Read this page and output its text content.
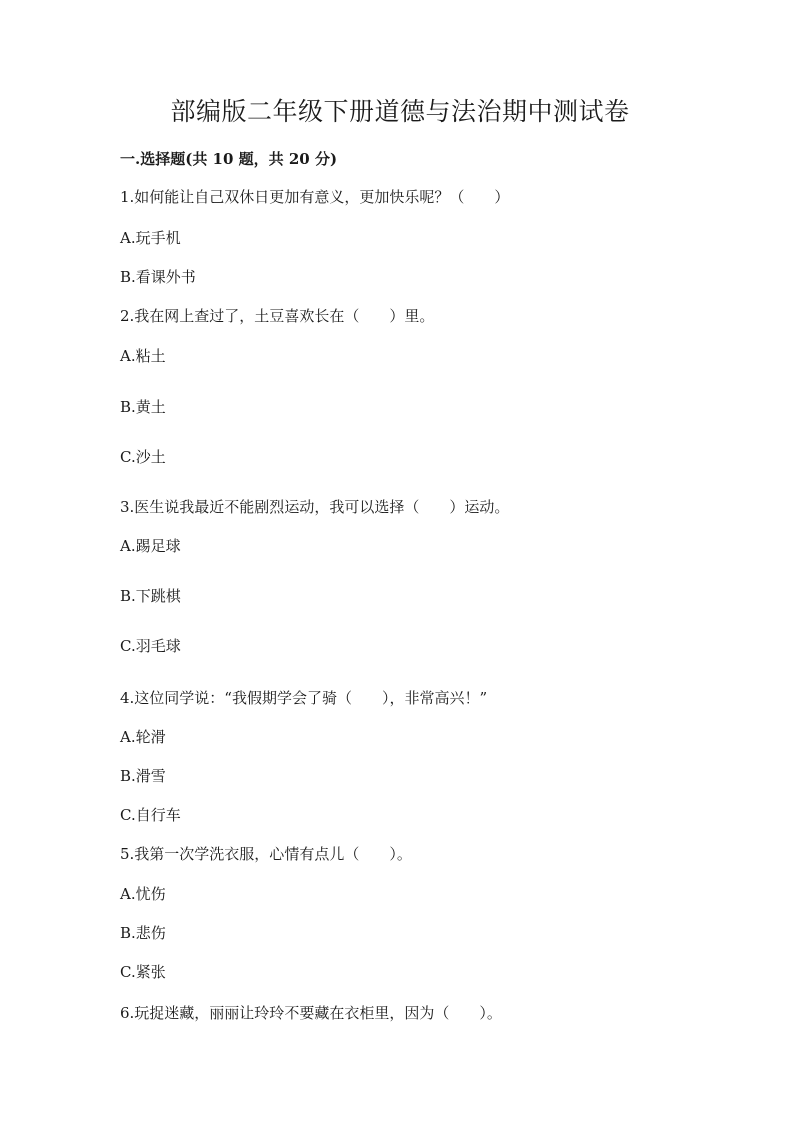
部编版二年级下册道德与法治期中测试卷
一.选择题(共 10 题，共 20 分)
1.如何能让自己双休日更加有意义，更加快乐呢？（　　）
A.玩手机
B.看课外书
2.我在网上查过了，土豆喜欢长在（　　）里。
A.粘土
B.黄土
C.沙土
3.医生说我最近不能剧烈运动，我可以选择（　　）运动。
A.踢足球
B.下跳棋
C.羽毛球
4.这位同学说：“我假期学会了骑（　　），非常高兴！”
A.轮滑
B.滑雪
C.自行车
5.我第一次学洗衣服，心情有点儿（　　）。
A.忧伤
B.悲伤
C.紧张
6.玩捉迷藏，丽丽让玲玲不要藏在衣柜里，因为（　　）。
